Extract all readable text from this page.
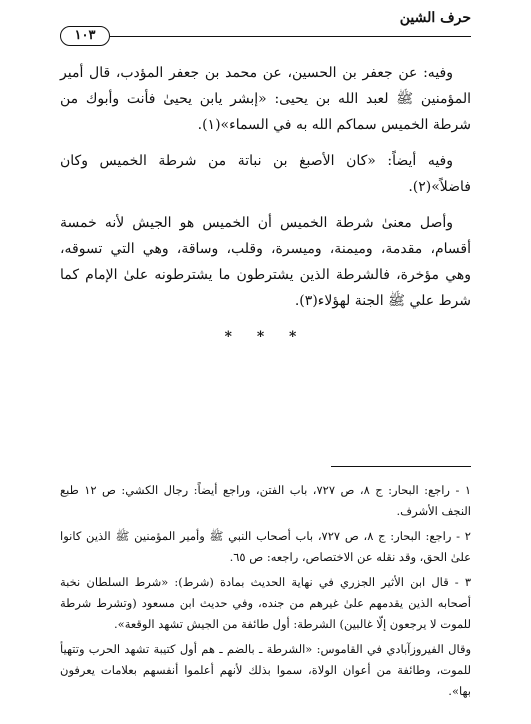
حرف الشين
١٠٣

وفيه: عن جعفر بن الحسين، عن محمد بن جعفر المؤدب، قال أمير المؤمنين ﷺ لعبد الله بن يحيى: «إبشر يابن يحيىٰ فأنت وأبوك من شرطة الخميس سماكم الله به في السماء»(١).

وفيه أيضاً: «كان الأصبغ بن نباتة من شرطة الخميس وكان فاضلاً»(٢).

وأصل معنىٰ شرطة الخميس أن الخميس هو الجيش لأنه خمسة أقسام، مقدمة، وميمنة، وميسرة، وقلب، وساقة، وهي التي تسوقه، وهي مؤخرة، فالشرطة الذين يشترطون ما يشترطونه علىٰ الإمام كما شرط علي ﷺ الجنة لهؤلاء(٣).

* * *

١ - راجع: البحار: ج ٨، ص ٧٢٧، باب الفتن، وراجع أيضاً: رجال الكشي: ص ١٢ طبع النجف الأشرف.

٢ - راجع: البحار: ج ٨، ص ٧٢٧، باب أصحاب النبي ﷺ وأمير المؤمنين ﷺ الذين كانوا علىٰ الحق، وقد نقله عن الاختصاص، راجعه: ص ٦٥.

٣ - قال ابن الأثير الجزري في نهاية الحديث بمادة (شرط): «شرط السلطان نخبة أصحابه الذين يقدمهم علىٰ غيرهم من جنده، وفي حديث ابن مسعود (وتشرط شرطة للموت لا يرجعون إلّا غالبين) الشرطة: أول طائفة من الجيش تشهد الوقعة».

وقال الفيروزآبادي في القاموس: «الشرطة ـ بالضم ـ هم أول كتيبة تشهد الحرب وتتهيأ للموت، وطائفة من أعوان الولاة، سموا بذلك لأنهم أعلموا أنفسهم بعلامات يعرفون بها».
